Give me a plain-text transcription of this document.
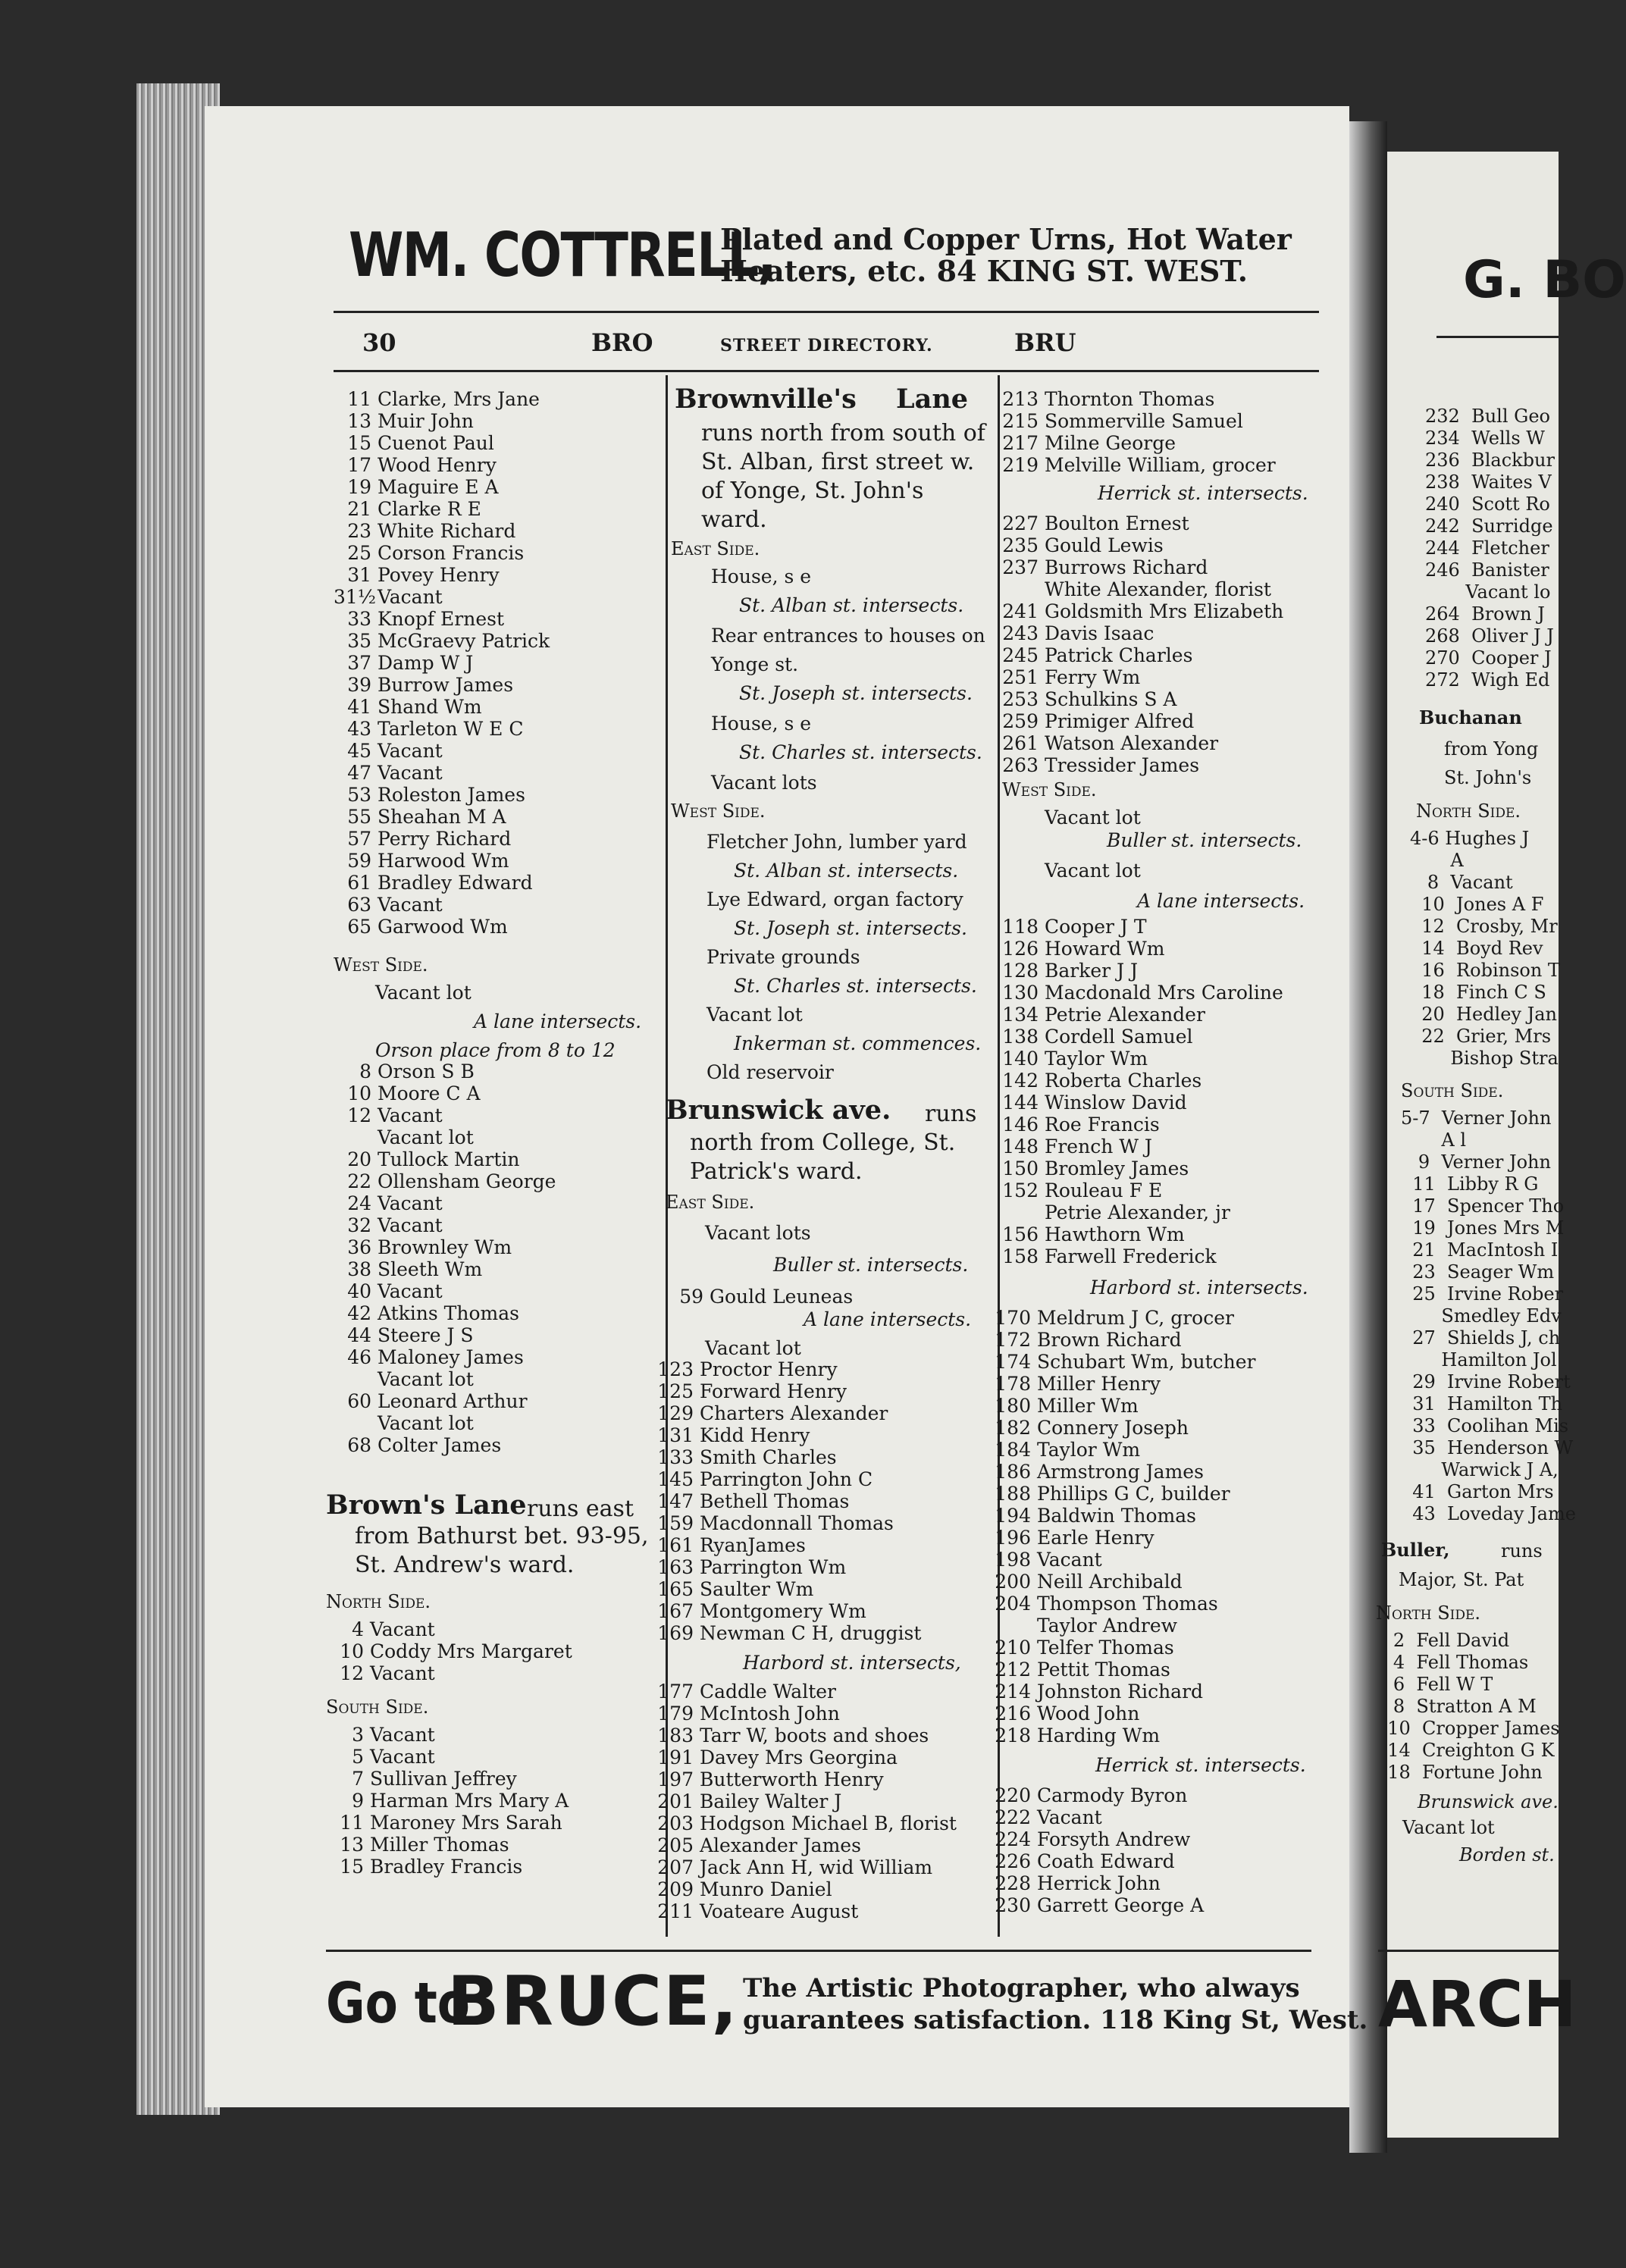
WM. COTTRELL,
Plated and Copper Urns, Hot Water
Heaters, etc. 84 KING ST. WEST.
30	BRO	STREET DIRECTORY.	BRU
11 Clarke, Mrs Jane
13 Muir John
15 Cuenot Paul
17 Wood Henry
19 Maguire E A
21 Clarke R E
23 White Richard
25 Corson Francis
31 Povey Henry
31½Vacant
33 Knopf Ernest
35 McGraevy Patrick
37 Damp W J
39 Burrow James
41 Shand Wm
43 Tarleton W E C
45 Vacant
47 Vacant
53 Roleston James
55 Sheahan M A
57 Perry Richard
59 Harwood Wm
61 Bradley Edward
63 Vacant
65 Garwood Wm
West Side.
Vacant lot
A lane intersects.
Orson place from 8 to 12
8 Orson S B
10 Moore C A
12 Vacant
Vacant lot
20 Tullock Martin
22 Ollensham George
24 Vacant
32 Vacant
36 Brownley Wm
38 Sleeth Wm
40 Vacant
42 Atkins Thomas
44 Steere J S
46 Maloney James
Vacant lot
60 Leonard Arthur
Vacant lot
68 Colter James
Brown's Lane runs east
from Bathurst bet. 93-95,
St. Andrew's ward.
North Side.
4 Vacant
10 Coddy Mrs Margaret
12 Vacant
South Side.
3 Vacant
5 Vacant
7 Sullivan Jeffrey
9 Harman Mrs Mary A
11 Maroney Mrs Sarah
13 Miller Thomas
15 Bradley Francis
Brownville's Lane
runs north from south of
St. Alban, first street w.
of Yonge, St. John's
ward.
East Side.
House, s e
St. Alban st. intersects.
Rear entrances to houses on
Yonge st.
St. Joseph st. intersects.
House, s e
St. Charles st. intersects.
Vacant lots
West Side.
Fletcher John, lumber yard
St. Alban st. intersects.
Lye Edward, organ factory
St. Joseph st. intersects.
Private grounds
St. Charles st. intersects.
Vacant lot
Inkerman st. commences.
Old reservoir
Brunswick ave. runs
north from College, St.
Patrick's ward.
East Side.
Vacant lots
Buller st. intersects.
59 Gould Leuneas
A lane intersects.
Vacant lot
123 Proctor Henry
125 Forward Henry
129 Charters Alexander
131 Kidd Henry
133 Smith Charles
145 Parrington John C
147 Bethell Thomas
159 Macdonnall Thomas
161 RyanJames
163 Parrington Wm
165 Saulter Wm
167 Montgomery Wm
169 Newman C H, druggist
Harbord st. intersects,
177 Caddle Walter
179 McIntosh John
183 Tarr W, boots and shoes
191 Davey Mrs Georgina
197 Butterworth Henry
201 Bailey Walter J
203 Hodgson Michael B, florist
205 Alexander James
207 Jack Ann H, wid William
209 Munro Daniel
211 Voateare August
213 Thornton Thomas
215 Sommerville Samuel
217 Milne George
219 Melville William, grocer
Herrick st. intersects.
227 Boulton Ernest
235 Gould Lewis
237 Burrows Richard
White Alexander, florist
241 Goldsmith Mrs Elizabeth
243 Davis Isaac
245 Patrick Charles
251 Ferry Wm
253 Schulkins S A
259 Primiger Alfred
261 Watson Alexander
263 Tressider James
West Side.
Vacant lot
Buller st. intersects.
Vacant lot
A lane intersects.
118 Cooper J T
126 Howard Wm
128 Barker J J
130 Macdonald Mrs Caroline
134 Petrie Alexander
138 Cordell Samuel
140 Taylor Wm
142 Roberta Charles
144 Winslow David
146 Roe Francis
148 French W J
150 Bromley James
152 Rouleau F E
Petrie Alexander, jr
156 Hawthorn Wm
158 Farwell Frederick
Harbord st. intersects.
170 Meldrum J C, grocer
172 Brown Richard
174 Schubart Wm, butcher
178 Miller Henry
180 Miller Wm
182 Connery Joseph
184 Taylor Wm
186 Armstrong James
188 Phillips G C, builder
194 Baldwin Thomas
196 Earle Henry
198 Vacant
200 Neill Archibald
204 Thompson Thomas
Taylor Andrew
210 Telfer Thomas
212 Pettit Thomas
214 Johnston Richard
216 Wood John
218 Harding Wm
Herrick st. intersects.
220 Carmody Byron
222 Vacant
224 Forsyth Andrew
226 Coath Edward
228 Herrick John
230 Garrett George A
G. BO
232  Bull Geo
234  Wells W
236  Blackbur
238  Waites V
240  Scott Ro
242  Surridge
244  Fletcher
246  Banister
Vacant lo
264  Brown J
268  Oliver J J
270  Cooper J
272  Wigh Ed
Buchanan
from Yong
St. John's
North Side.
4-6 Hughes J
A
8  Vacant
10  Jones A F
12  Crosby, Mr
14  Boyd Rev
16  Robinson T
18  Finch C S
20  Hedley Jan
22  Grier, Mrs
Bishop Stra
South Side.
5-7  Verner John
A l
9  Verner John
11  Libby R G
17  Spencer Tho
19  Jones Mrs M
21  MacIntosh I
23  Seager Wm
25  Irvine Rober
Smedley Edv
27  Shields J, ch
Hamilton Jol
29  Irvine Robert
31  Hamilton Th
33  Coolihan Mis
35  Henderson W
Warwick J A,
41  Garton Mrs
43  Loveday Jame
Buller,	runs
Major, St. Pat
North Side.
2  Fell David
4  Fell Thomas
6  Fell W T
8  Stratton A M
10  Cropper James
14  Creighton G K
18  Fortune John
Brunswick ave.
Vacant lot
Borden st.
ARCH
Go to
BRUCE, The Artistic Photographer, who always
guarantees satisfaction. 118 King St, West.
